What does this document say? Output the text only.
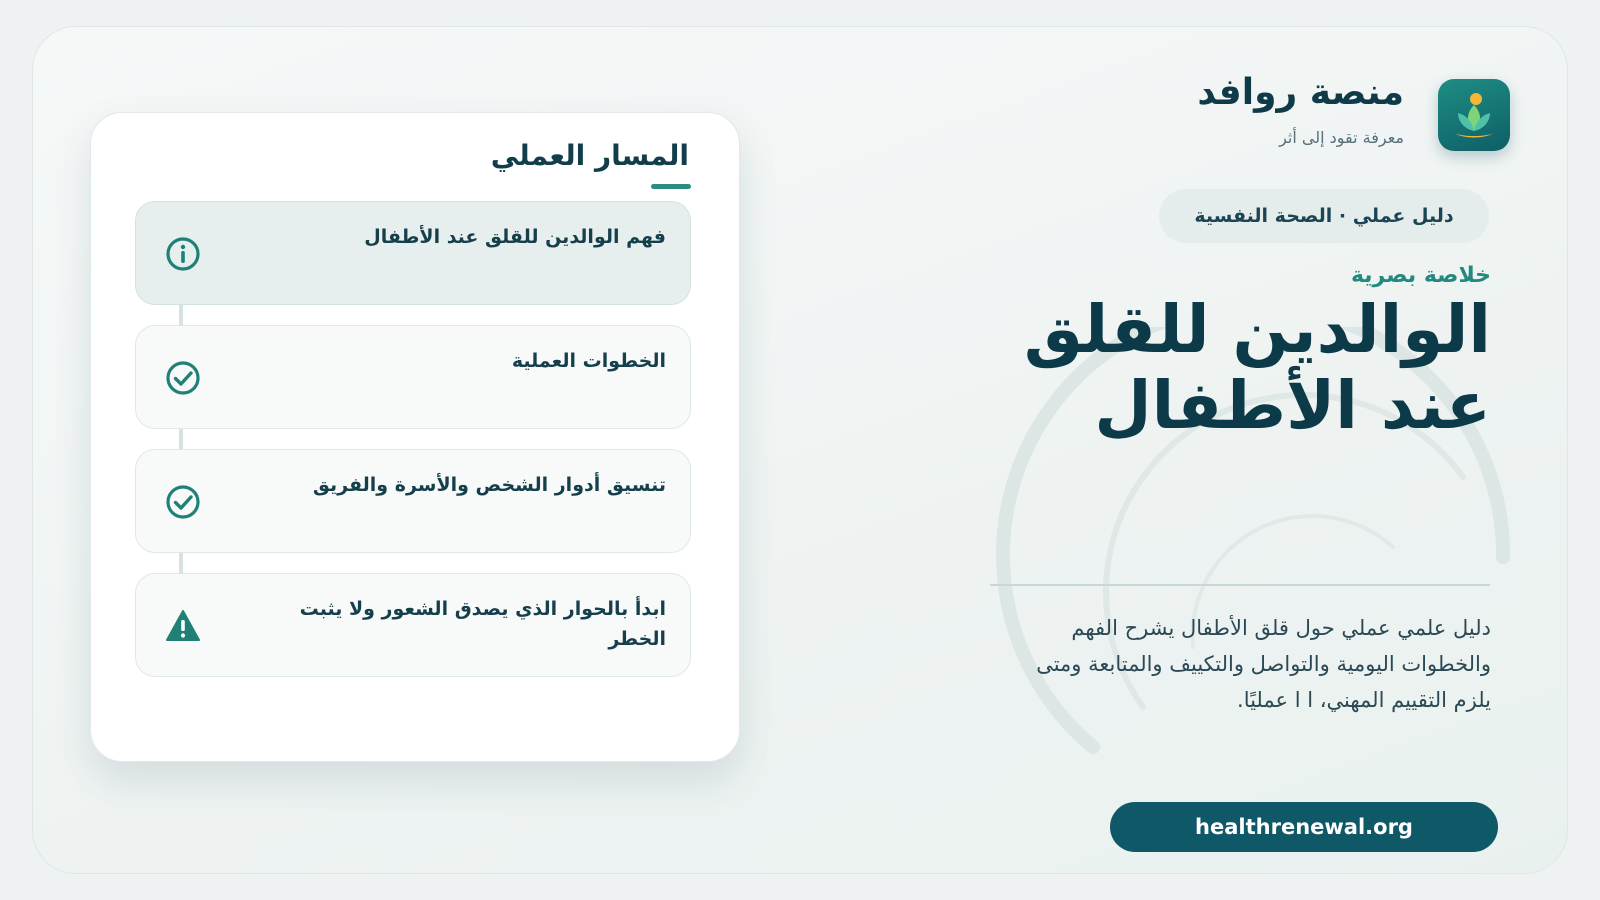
منصة روافد
معرفة تقود إلى أثر
دليل عملي · الصحة النفسية
خلاصة بصرية
الوالدين للقلق
عند الأطفال
دليل علمي عملي حول قلق الأطفال يشرح الفهم والخطوات اليومية والتواصل والتكييف والمتابعة ومتى يلزم التقييم المهني، ا ا عمليًا.
healthrenewal.org
المسار العملي
فهم الوالدين للقلق عند الأطفال
الخطوات العملية
تنسيق أدوار الشخص والأسرة والفريق
ابدأ بالحوار الذي يصدق الشعور ولا يثبت الخطر
